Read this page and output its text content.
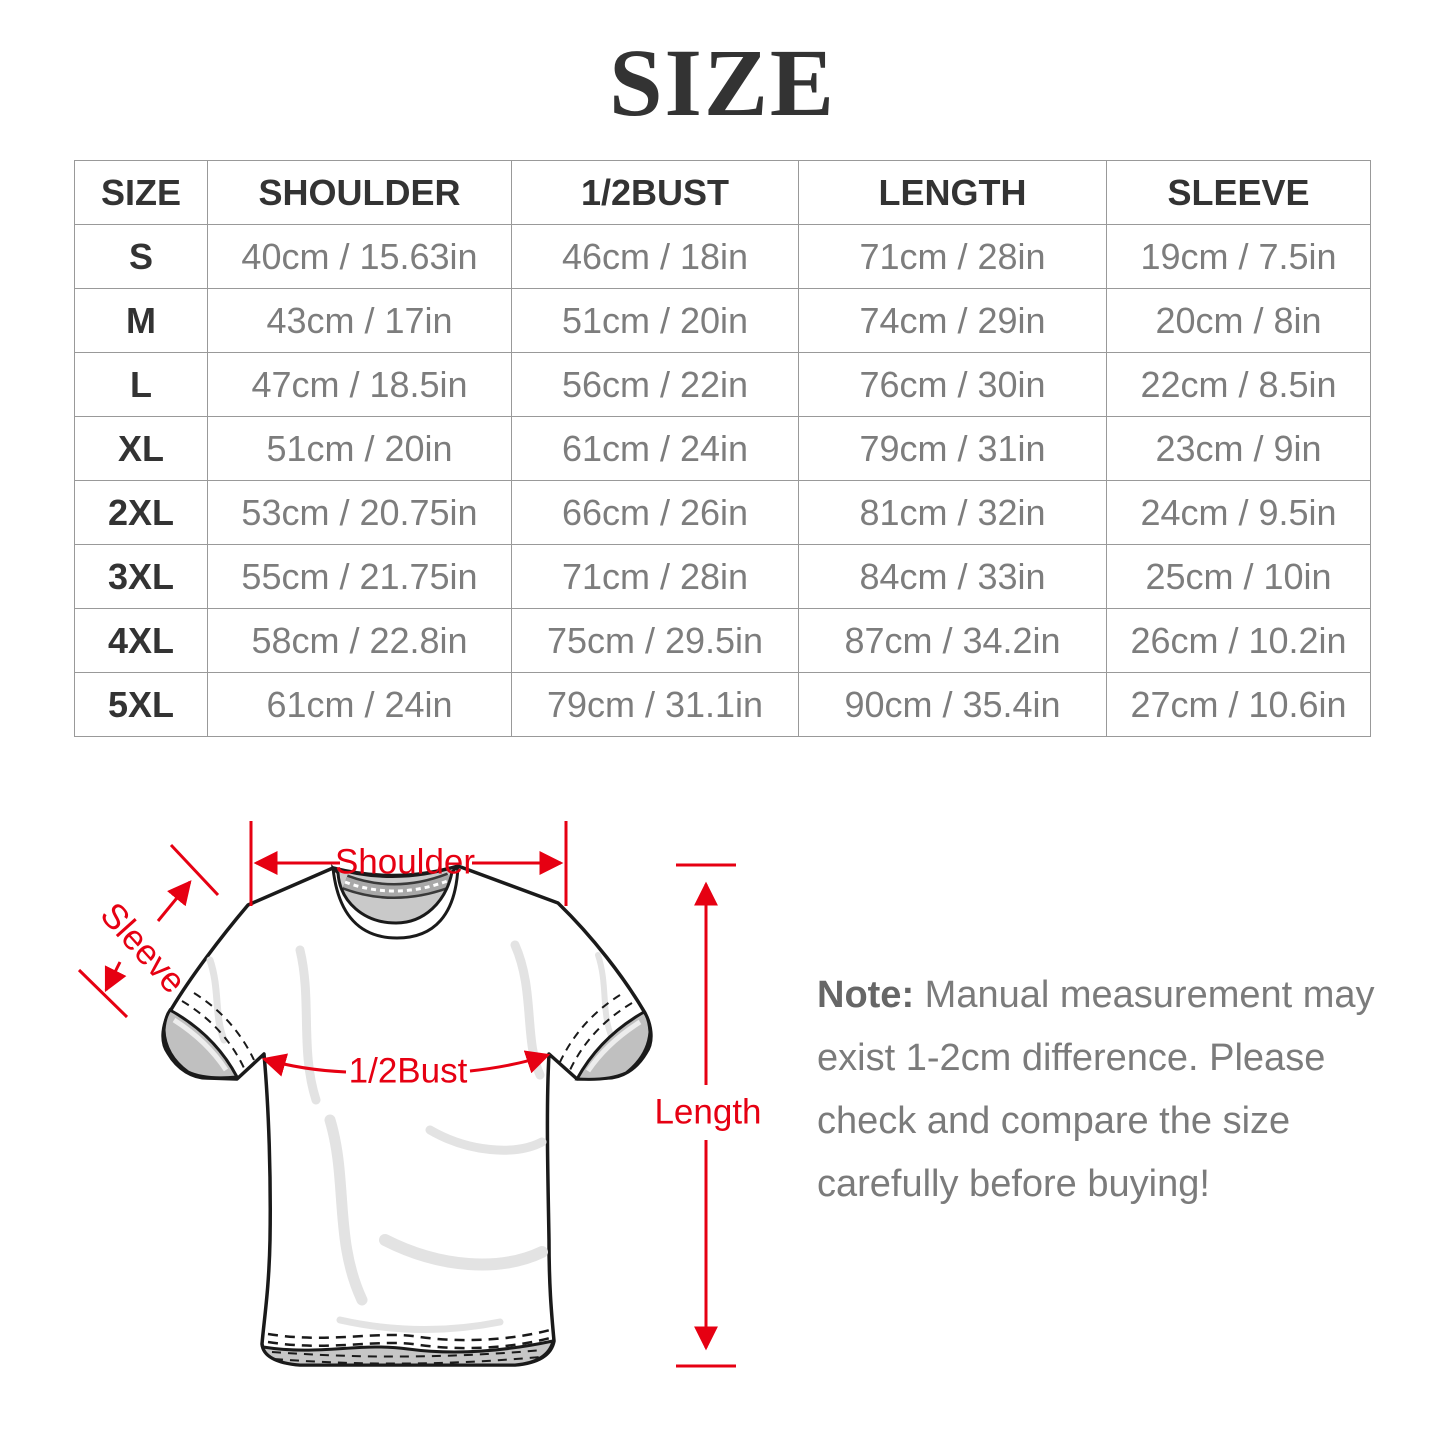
SIZE
SIZE	SHOULDER	1/2BUST	LENGTH	SLEEVE
S	40cm / 15.63in	46cm / 18in	71cm / 28in	19cm / 7.5in
M	43cm / 17in	51cm / 20in	74cm / 29in	20cm / 8in
L	47cm / 18.5in	56cm / 22in	76cm / 30in	22cm / 8.5in
XL	51cm / 20in	61cm / 24in	79cm / 31in	23cm / 9in
2XL	53cm / 20.75in	66cm / 26in	81cm / 32in	24cm / 9.5in
3XL	55cm / 21.75in	71cm / 28in	84cm / 33in	25cm / 10in
4XL	58cm / 22.8in	75cm / 29.5in	87cm / 34.2in	26cm / 10.2in
5XL	61cm / 24in	79cm / 31.1in	90cm / 35.4in	27cm / 10.6in
Shoulder
Sleeve
1/2Bust
Length

Note: Manual measurement may
exist 1-2cm difference. Please
check and compare the size
carefully before buying!
